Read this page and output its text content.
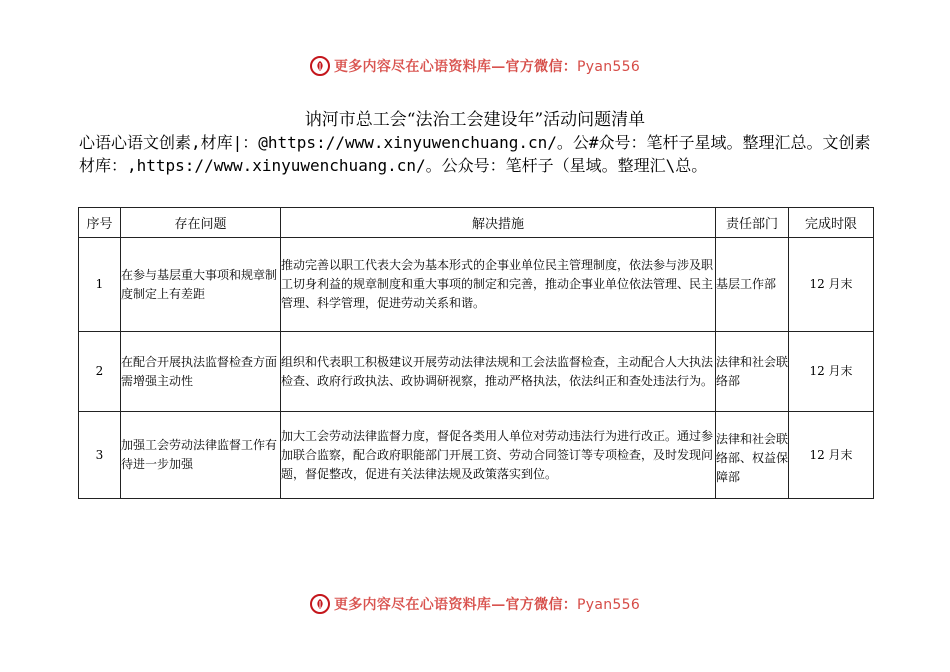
更多内容尽在心语资料库—官方微信：Pyan556
讷河市总工会“法治工会建设年”活动问题清单
心语心语文创素,材库|：@https://www.xinyuwenchuang.cn/。公#众号：笔杆子星域。整理汇总。文创素材库：,https://www.xinyuwenchuang.cn/。公众号：笔杆子（星域。整理汇\总。
序号	存在问题	解决措施	责任部门	完成时限
1	在参与基层重大事项和规章制度制定上有差距	推动完善以职工代表大会为基本形式的企事业单位民主管理制度，依法参与涉及职工切身利益的规章制度和重大事项的制定和完善，推动企事业单位依法管理、民主管理、科学管理，促进劳动关系和谐。	基层工作部	12 月末
2	在配合开展执法监督检查方面需增强主动性	组织和代表职工积极建议开展劳动法律法规和工会法监督检查，主动配合人大执法检查、政府行政执法、政协调研视察，推动严格执法，依法纠正和查处违法行为。	法律和社会联络部	12 月末
3	加强工会劳动法律监督工作有待进一步加强	加大工会劳动法律监督力度，督促各类用人单位对劳动违法行为进行改正。通过参加联合监察，配合政府职能部门开展工资、劳动合同签订等专项检查，及时发现问题，督促整改，促进有关法律法规及政策落实到位。	法律和社会联络部、权益保障部	12 月末
更多内容尽在心语资料库—官方微信：Pyan556
